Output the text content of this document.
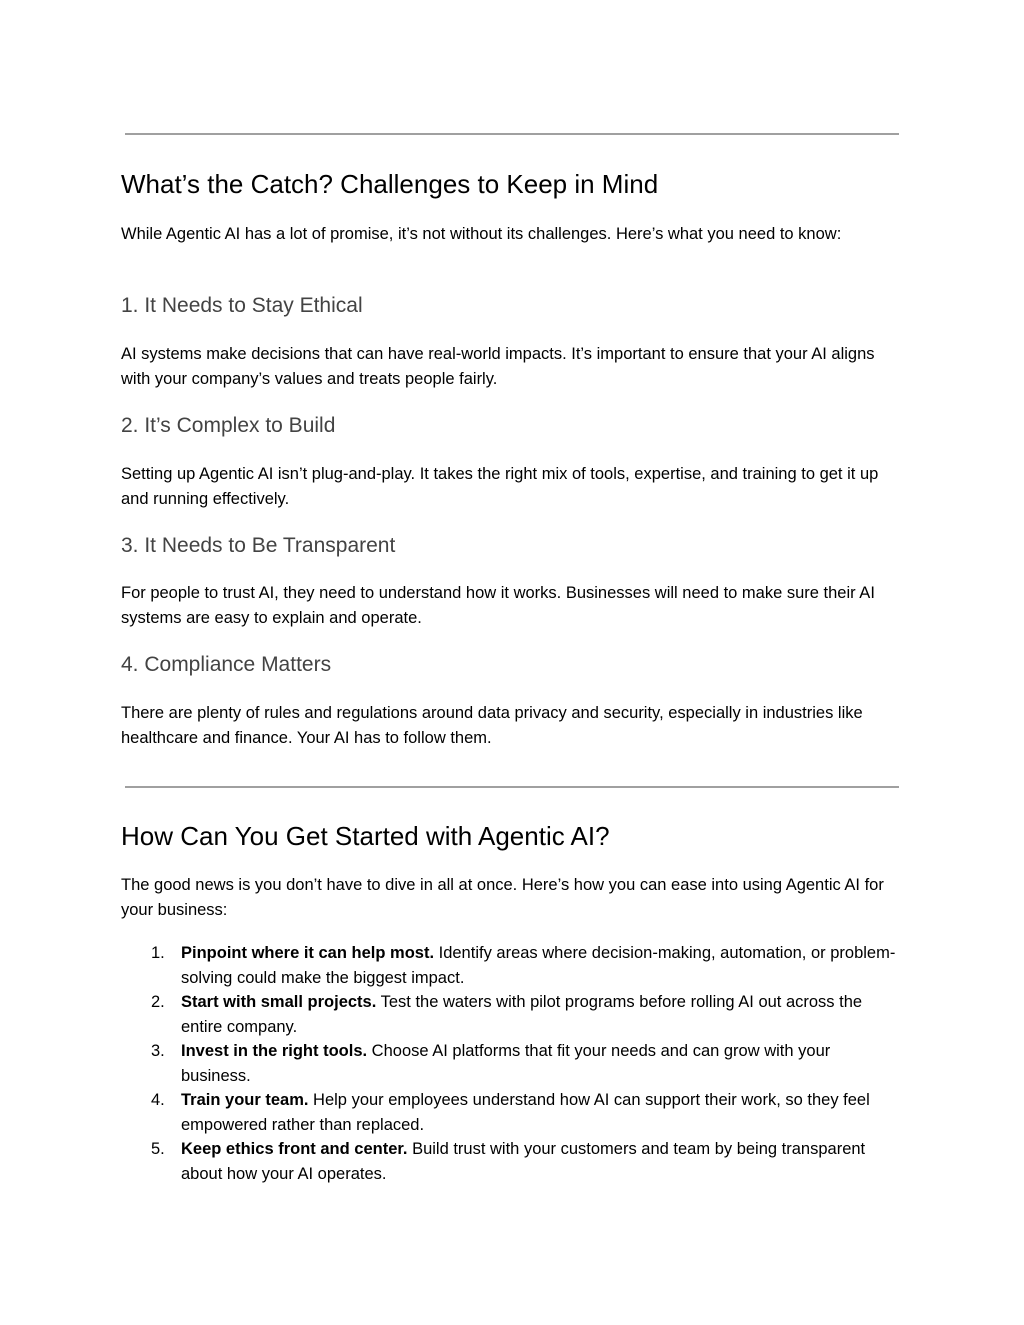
What’s the Catch? Challenges to Keep in Mind

While Agentic AI has a lot of promise, it’s not without its challenges. Here’s what you need to know:

1. It Needs to Stay Ethical

AI systems make decisions that can have real-world impacts. It’s important to ensure that your AI aligns with your company’s values and treats people fairly.

2. It’s Complex to Build

Setting up Agentic AI isn’t plug-and-play. It takes the right mix of tools, expertise, and training to get it up and running effectively.

3. It Needs to Be Transparent

For people to trust AI, they need to understand how it works. Businesses will need to make sure their AI systems are easy to explain and operate.

4. Compliance Matters

There are plenty of rules and regulations around data privacy and security, especially in industries like healthcare and finance. Your AI has to follow them.

How Can You Get Started with Agentic AI?

The good news is you don’t have to dive in all at once. Here’s how you can ease into using Agentic AI for your business:

1. Pinpoint where it can help most. Identify areas where decision-making, automation, or problem-solving could make the biggest impact.
2. Start with small projects. Test the waters with pilot programs before rolling AI out across the entire company.
3. Invest in the right tools. Choose AI platforms that fit your needs and can grow with your business.
4. Train your team. Help your employees understand how AI can support their work, so they feel empowered rather than replaced.
5. Keep ethics front and center. Build trust with your customers and team by being transparent about how your AI operates.
